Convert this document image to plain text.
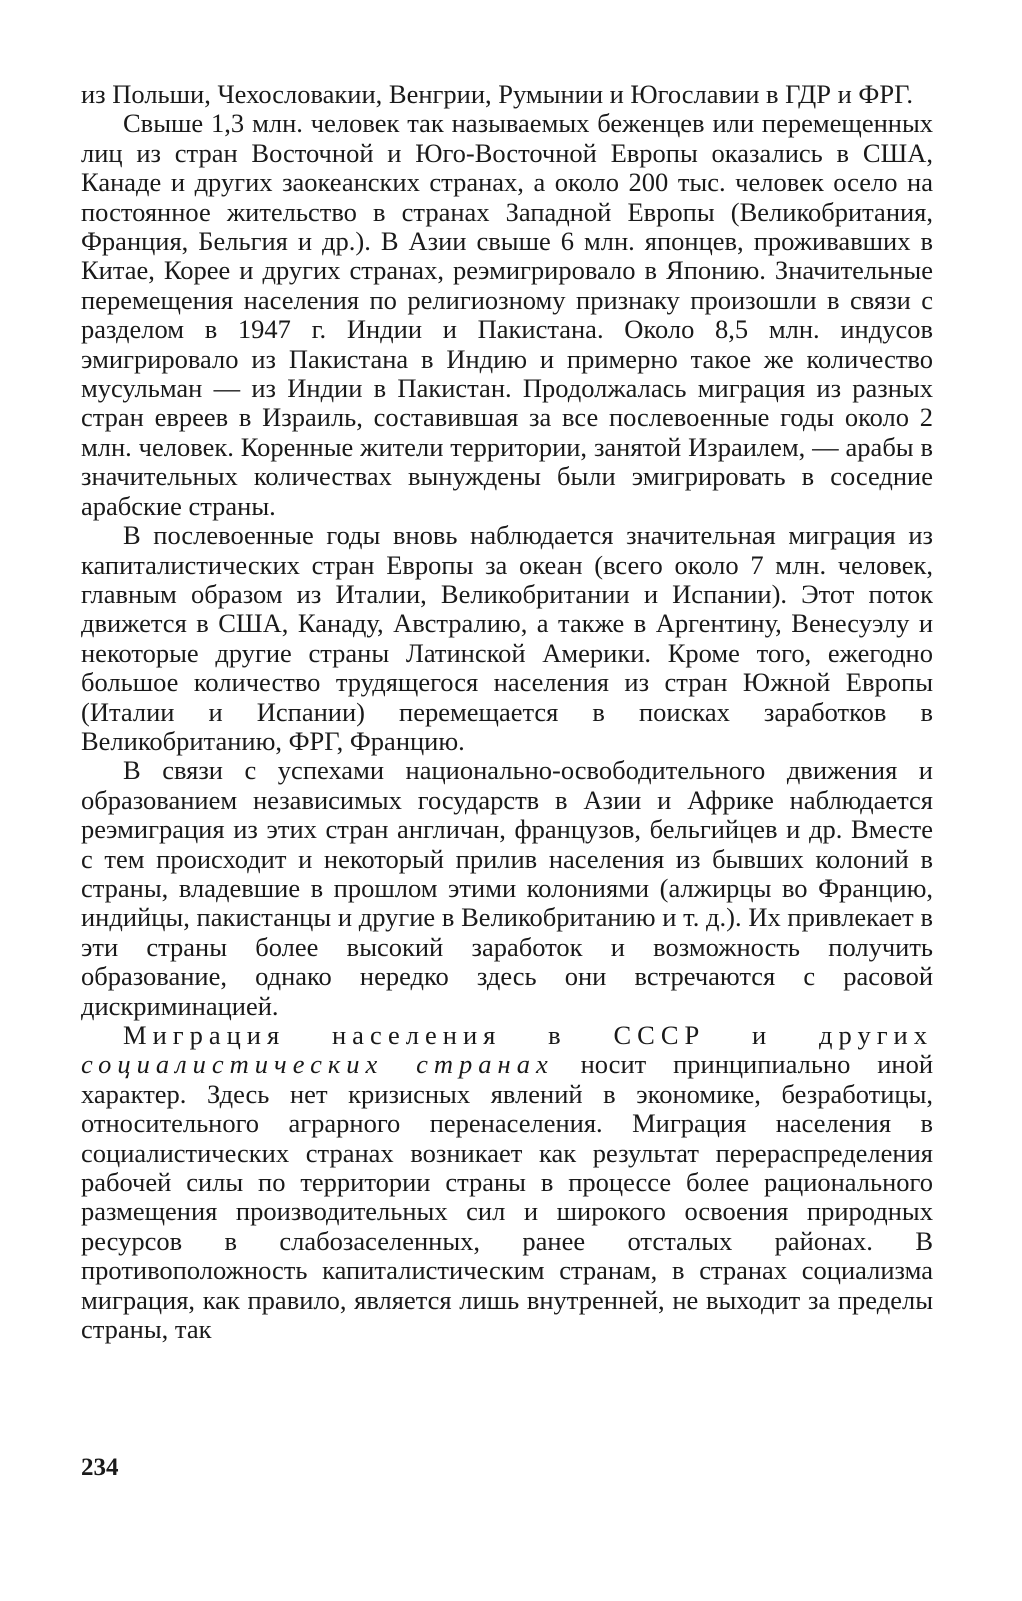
из Польши, Чехословакии, Венгрии, Румынии и Югославии в ГДР и ФРГ.

Свыше 1,3 млн. человек так называемых беженцев или перемещенных лиц из стран Восточной и Юго-Восточной Европы оказались в США, Канаде и других заокеанских странах, а около 200 тыс. человек осело на постоянное жительство в странах Западной Европы (Великобритания, Франция, Бельгия и др.). В Азии свыше 6 млн. японцев, проживавших в Китае, Корее и других странах, реэмигрировало в Японию. Значительные перемещения населения по религиозному признаку произошли в связи с разделом в 1947 г. Индии и Пакистана. Около 8,5 млн. индусов эмигрировало из Пакистана в Индию и примерно такое же количество мусульман — из Индии в Пакистан. Продолжалась миграция из разных стран евреев в Израиль, составившая за все послевоенные годы около 2 млн. человек. Коренные жители территории, занятой Израилем, — арабы в значительных количествах вынуждены были эмигрировать в соседние арабские страны.

В послевоенные годы вновь наблюдается значительная миграция из капиталистических стран Европы за океан (всего около 7 млн. человек, главным образом из Италии, Великобритании и Испании). Этот поток движется в США, Канаду, Австралию, а также в Аргентину, Венесуэлу и некоторые другие страны Латинской Америки. Кроме того, ежегодно большое количество трудящегося населения из стран Южной Европы (Италии и Испании) перемещается в поисках заработков в Великобританию, ФРГ, Францию.

В связи с успехами национально-освободительного движения и образованием независимых государств в Азии и Африке наблюдается реэмиграция из этих стран англичан, французов, бельгийцев и др. Вместе с тем происходит и некоторый прилив населения из бывших колоний в страны, владевшие в прошлом этими колониями (алжирцы во Францию, индийцы, пакистанцы и другие в Великобританию и т. д.). Их привлекает в эти страны более высокий заработок и возможность получить образование, однако нередко здесь они встречаются с расовой дискриминацией.

Миграция населения в СССР и других социалистических странах носит принципиально иной характер. Здесь нет кризисных явлений в экономике, безработицы, относительного аграрного перенаселения. Миграция населения в социалистических странах возникает как результат перераспределения рабочей силы по территории страны в процессе более рационального размещения производительных сил и широкого освоения природных ресурсов в слабозаселенных, ранее отсталых районах. В противоположность капиталистическим странам, в странах социализма миграция, как правило, является лишь внутренней, не выходит за пределы страны, так

234
